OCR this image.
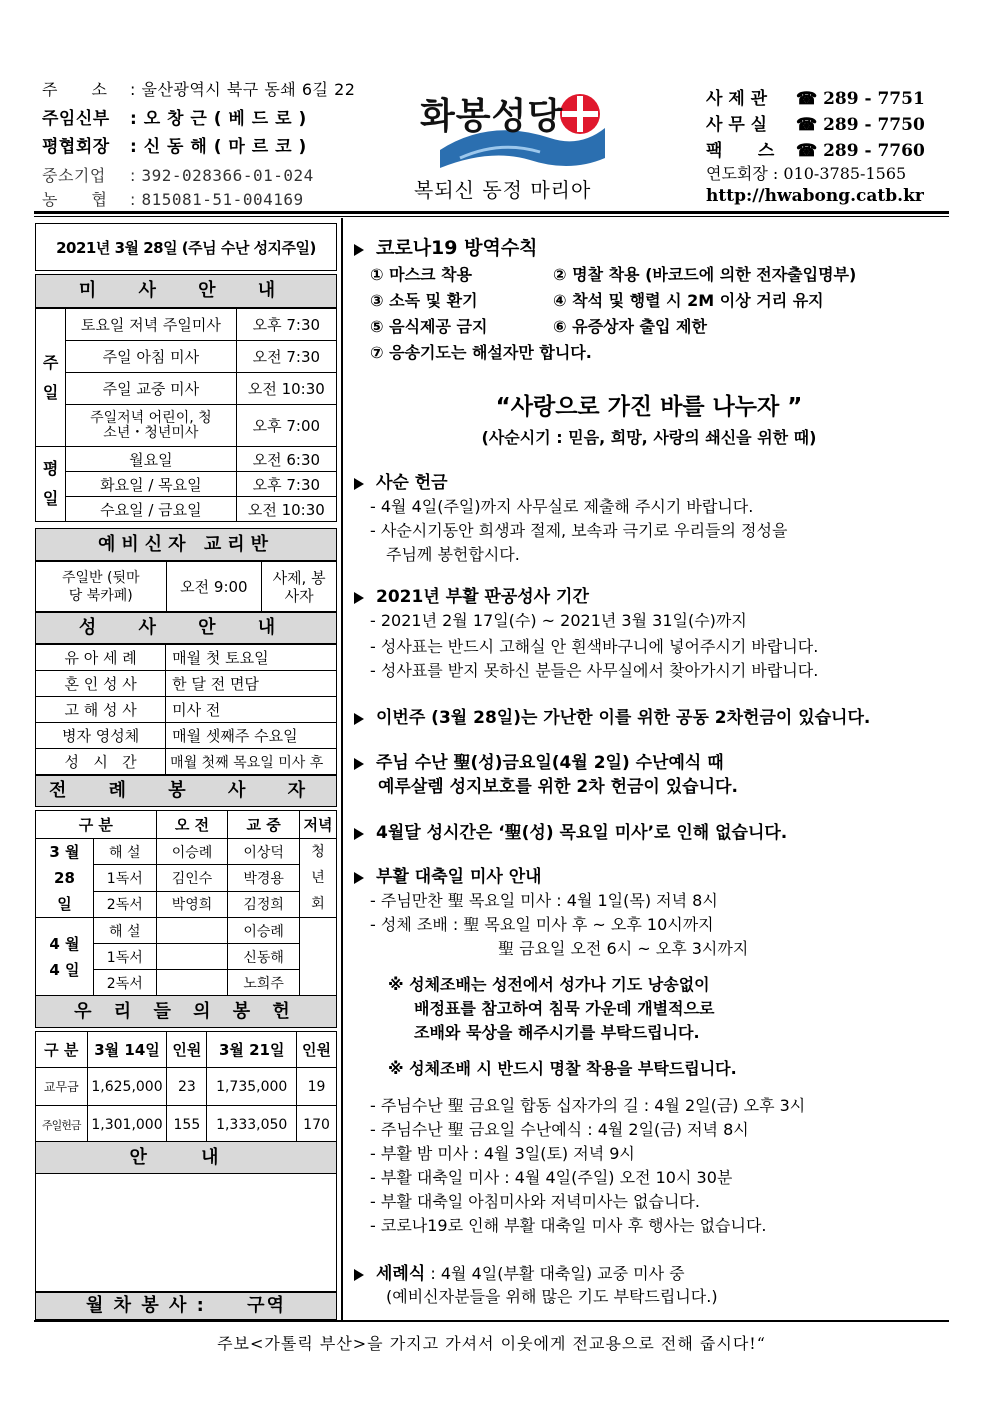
주      소 : 울산광역시 북구 동쇄 6길 22
주임신부 : 오 창 근 ( 베 드 로 )
평협회장 : 신 동 해 ( 마 르 코 )
중소기업 : 392-028366-01-024
농      협 : 815081-51-004169
화봉성당
복되신 동정 마리아
사 제 관 ☎ 289 - 7751
사 무 실 ☎ 289 - 7750
팩      스 ☎ 289 - 7760
연도회장 : 010-3785-1565
http://hwabong.catb.kr
2021년 3월 28일 (주님 수난 성지주일)
미 사 안 내
주일	토요일 저녁 주일미사	오후 7:30
	주일 아침 미사	오전 7:30
	주일 교중 미사	오전 10:30
	주일저녁 어린이, 청소년・청년미사	오후 7:00
평일	월요일	오전 6:30
	화요일 / 목요일	오후 7:30
	수요일 / 금요일	오전 10:30
예비신자 교리반
주일반 (뒷마당 북카페)	오전 9:00	사제, 봉사자
성 사 안 내
유 아 세 례	매월 첫 토요일
혼 인 성 사	한 달 전 면담
고 해 성 사	미사 전
병자 영성체	매월 셋째주 수요일
성   시   간	매월 첫째 목요일 미사 후
전 례 봉 사 자
구 분		오 전	교 중	저녁
3 월 28 일	해 설	이승례	이상덕	청년회
	1독서	김인수	박경용	
	2독서	박영희	김정희	
4 월 4 일	해 설		이승례	
	1독서		신동해	
	2독서		노희주	
우 리 들 의 봉 헌
구 분	3월 14일	인원	3월 21일	인원
교무금	1,625,000	23	1,735,000	19
주일헌금	1,301,000	155	1,333,050	170
안 내
월 차 봉 사 :     구역
코로나19 방역수칙
① 마스크 착용	② 명찰 착용 (바코드에 의한 전자출입명부)
③ 소독 및 환기	④ 착석 및 행렬 시 2M 이상 거리 유지
⑤ 음식제공 금지	⑥ 유증상자 출입 제한
⑦ 응송기도는 해설자만 합니다.
“사랑으로 가진 바를 나누자 ”
(사순시기 : 믿음, 희망, 사랑의 쇄신을 위한 때)
사순 헌금
- 4월 4일(주일)까지 사무실로 제출해 주시기 바랍니다.
- 사순시기동안 희생과 절제, 보속과 극기로 우리들의 정성을
주님께 봉헌합시다.
2021년 부활 판공성사 기간
- 2021년 2월 17일(수) ~ 2021년 3월 31일(수)까지
- 성사표는 반드시 고해실 안 흰색바구니에 넣어주시기 바랍니다.
- 성사표를 받지 못하신 분들은 사무실에서 찾아가시기 바랍니다.
이번주 (3월 28일)는 가난한 이를 위한 공동 2차헌금이 있습니다.
주님 수난 聖(성)금요일(4월 2일) 수난예식 때
예루살렘 성지보호를 위한 2차 헌금이 있습니다.
4월달 성시간은 ‘聖(성) 목요일 미사’로 인해 없습니다.
부활 대축일 미사 안내
- 주님만찬 聖 목요일 미사 : 4월 1일(목) 저녁 8시
- 성체 조배 : 聖 목요일 미사 후 ~ 오후 10시까지
聖 금요일 오전 6시 ~ 오후 3시까지
※ 성체조배는 성전에서 성가나 기도 낭송없이
배정표를 참고하여 침묵 가운데 개별적으로
조배와 묵상을 해주시기를 부탁드립니다.
※ 성체조배 시 반드시 명찰 착용을 부탁드립니다.
- 주님수난 聖 금요일 합동 십자가의 길 : 4월 2일(금) 오후 3시
- 주님수난 聖 금요일 수난예식 : 4월 2일(금) 저녁 8시
- 부활 밤 미사 : 4월 3일(토) 저녁 9시
- 부활 대축일 미사 : 4월 4일(주일) 오전 10시 30분
- 부활 대축일 아침미사와 저녁미사는 없습니다.
- 코로나19로 인해 부활 대축일 미사 후 행사는 없습니다.
세례식 : 4월 4일(부활 대축일) 교중 미사 중
(예비신자분들을 위해 많은 기도 부탁드립니다.)
주보<가톨릭 부산>을 가지고 가셔서 이웃에게 전교용으로 전해 줍시다!“
